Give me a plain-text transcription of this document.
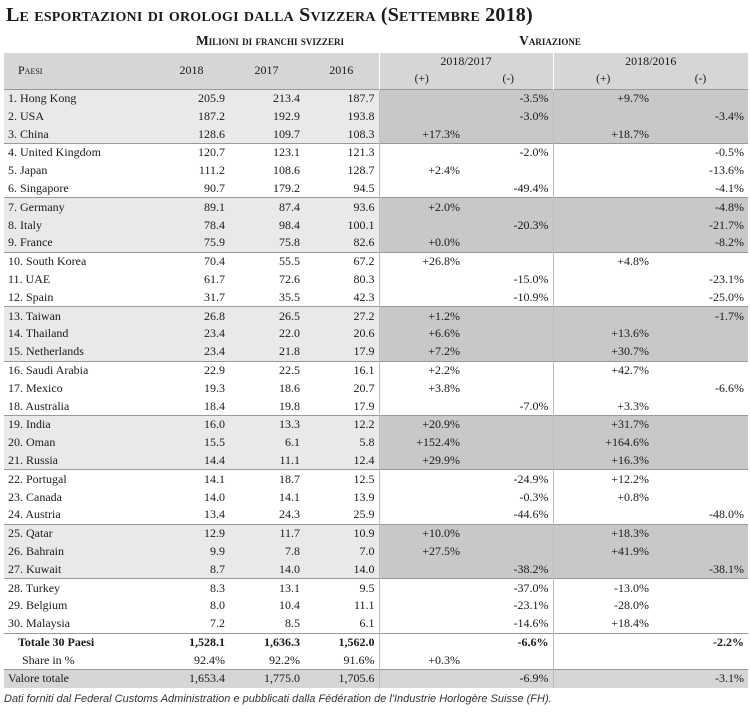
Le esportazioni di orologi dalla Svizzera (Settembre 2018)
Milioni di franchi svizzeri	Variazione
Paesi	2018	2017	2016	2018/2017		2018/2016	
				(+)	(-)	(+)	(-)
1. Hong Kong	205.9	213.4	187.7		-3.5%	+9.7%	
2. USA	187.2	192.9	193.8		-3.0%		-3.4%
3. China	128.6	109.7	108.3	+17.3%		+18.7%	
4. United Kingdom	120.7	123.1	121.3		-2.0%		-0.5%
5. Japan	111.2	108.6	128.7	+2.4%			-13.6%
6. Singapore	90.7	179.2	94.5		-49.4%		-4.1%
7. Germany	89.1	87.4	93.6	+2.0%			-4.8%
8. Italy	78.4	98.4	100.1		-20.3%		-21.7%
9. France	75.9	75.8	82.6	+0.0%			-8.2%
10. South Korea	70.4	55.5	67.2	+26.8%		+4.8%	
11. UAE	61.7	72.6	80.3		-15.0%		-23.1%
12. Spain	31.7	35.5	42.3		-10.9%		-25.0%
13. Taiwan	26.8	26.5	27.2	+1.2%			-1.7%
14. Thailand	23.4	22.0	20.6	+6.6%		+13.6%	
15. Netherlands	23.4	21.8	17.9	+7.2%		+30.7%	
16. Saudi Arabia	22.9	22.5	16.1	+2.2%		+42.7%	
17. Mexico	19.3	18.6	20.7	+3.8%			-6.6%
18. Australia	18.4	19.8	17.9		-7.0%	+3.3%	
19. India	16.0	13.3	12.2	+20.9%		+31.7%	
20. Oman	15.5	6.1	5.8	+152.4%		+164.6%	
21. Russia	14.4	11.1	12.4	+29.9%		+16.3%	
22. Portugal	14.1	18.7	12.5		-24.9%	+12.2%	
23. Canada	14.0	14.1	13.9		-0.3%	+0.8%	
24. Austria	13.4	24.3	25.9		-44.6%		-48.0%
25. Qatar	12.9	11.7	10.9	+10.0%		+18.3%	
26. Bahrain	9.9	7.8	7.0	+27.5%		+41.9%	
27. Kuwait	8.7	14.0	14.0		-38.2%		-38.1%
28. Turkey	8.3	13.1	9.5		-37.0%	-13.0%	
29. Belgium	8.0	10.4	11.1		-23.1%	-28.0%	
30. Malaysia	7.2	8.5	6.1		-14.6%	+18.4%	
Totale 30 Paesi	1,528.1	1,636.3	1,562.0		-6.6%		-2.2%
Share in %	92.4%	92.2%	91.6%	+0.3%			
Valore totale	1,653.4	1,775.0	1,705.6		-6.9%		-3.1%
Dati forniti dal Federal Customs Administration e pubblicati dalla Fédération de l'Industrie Horlogère Suisse (FH).
